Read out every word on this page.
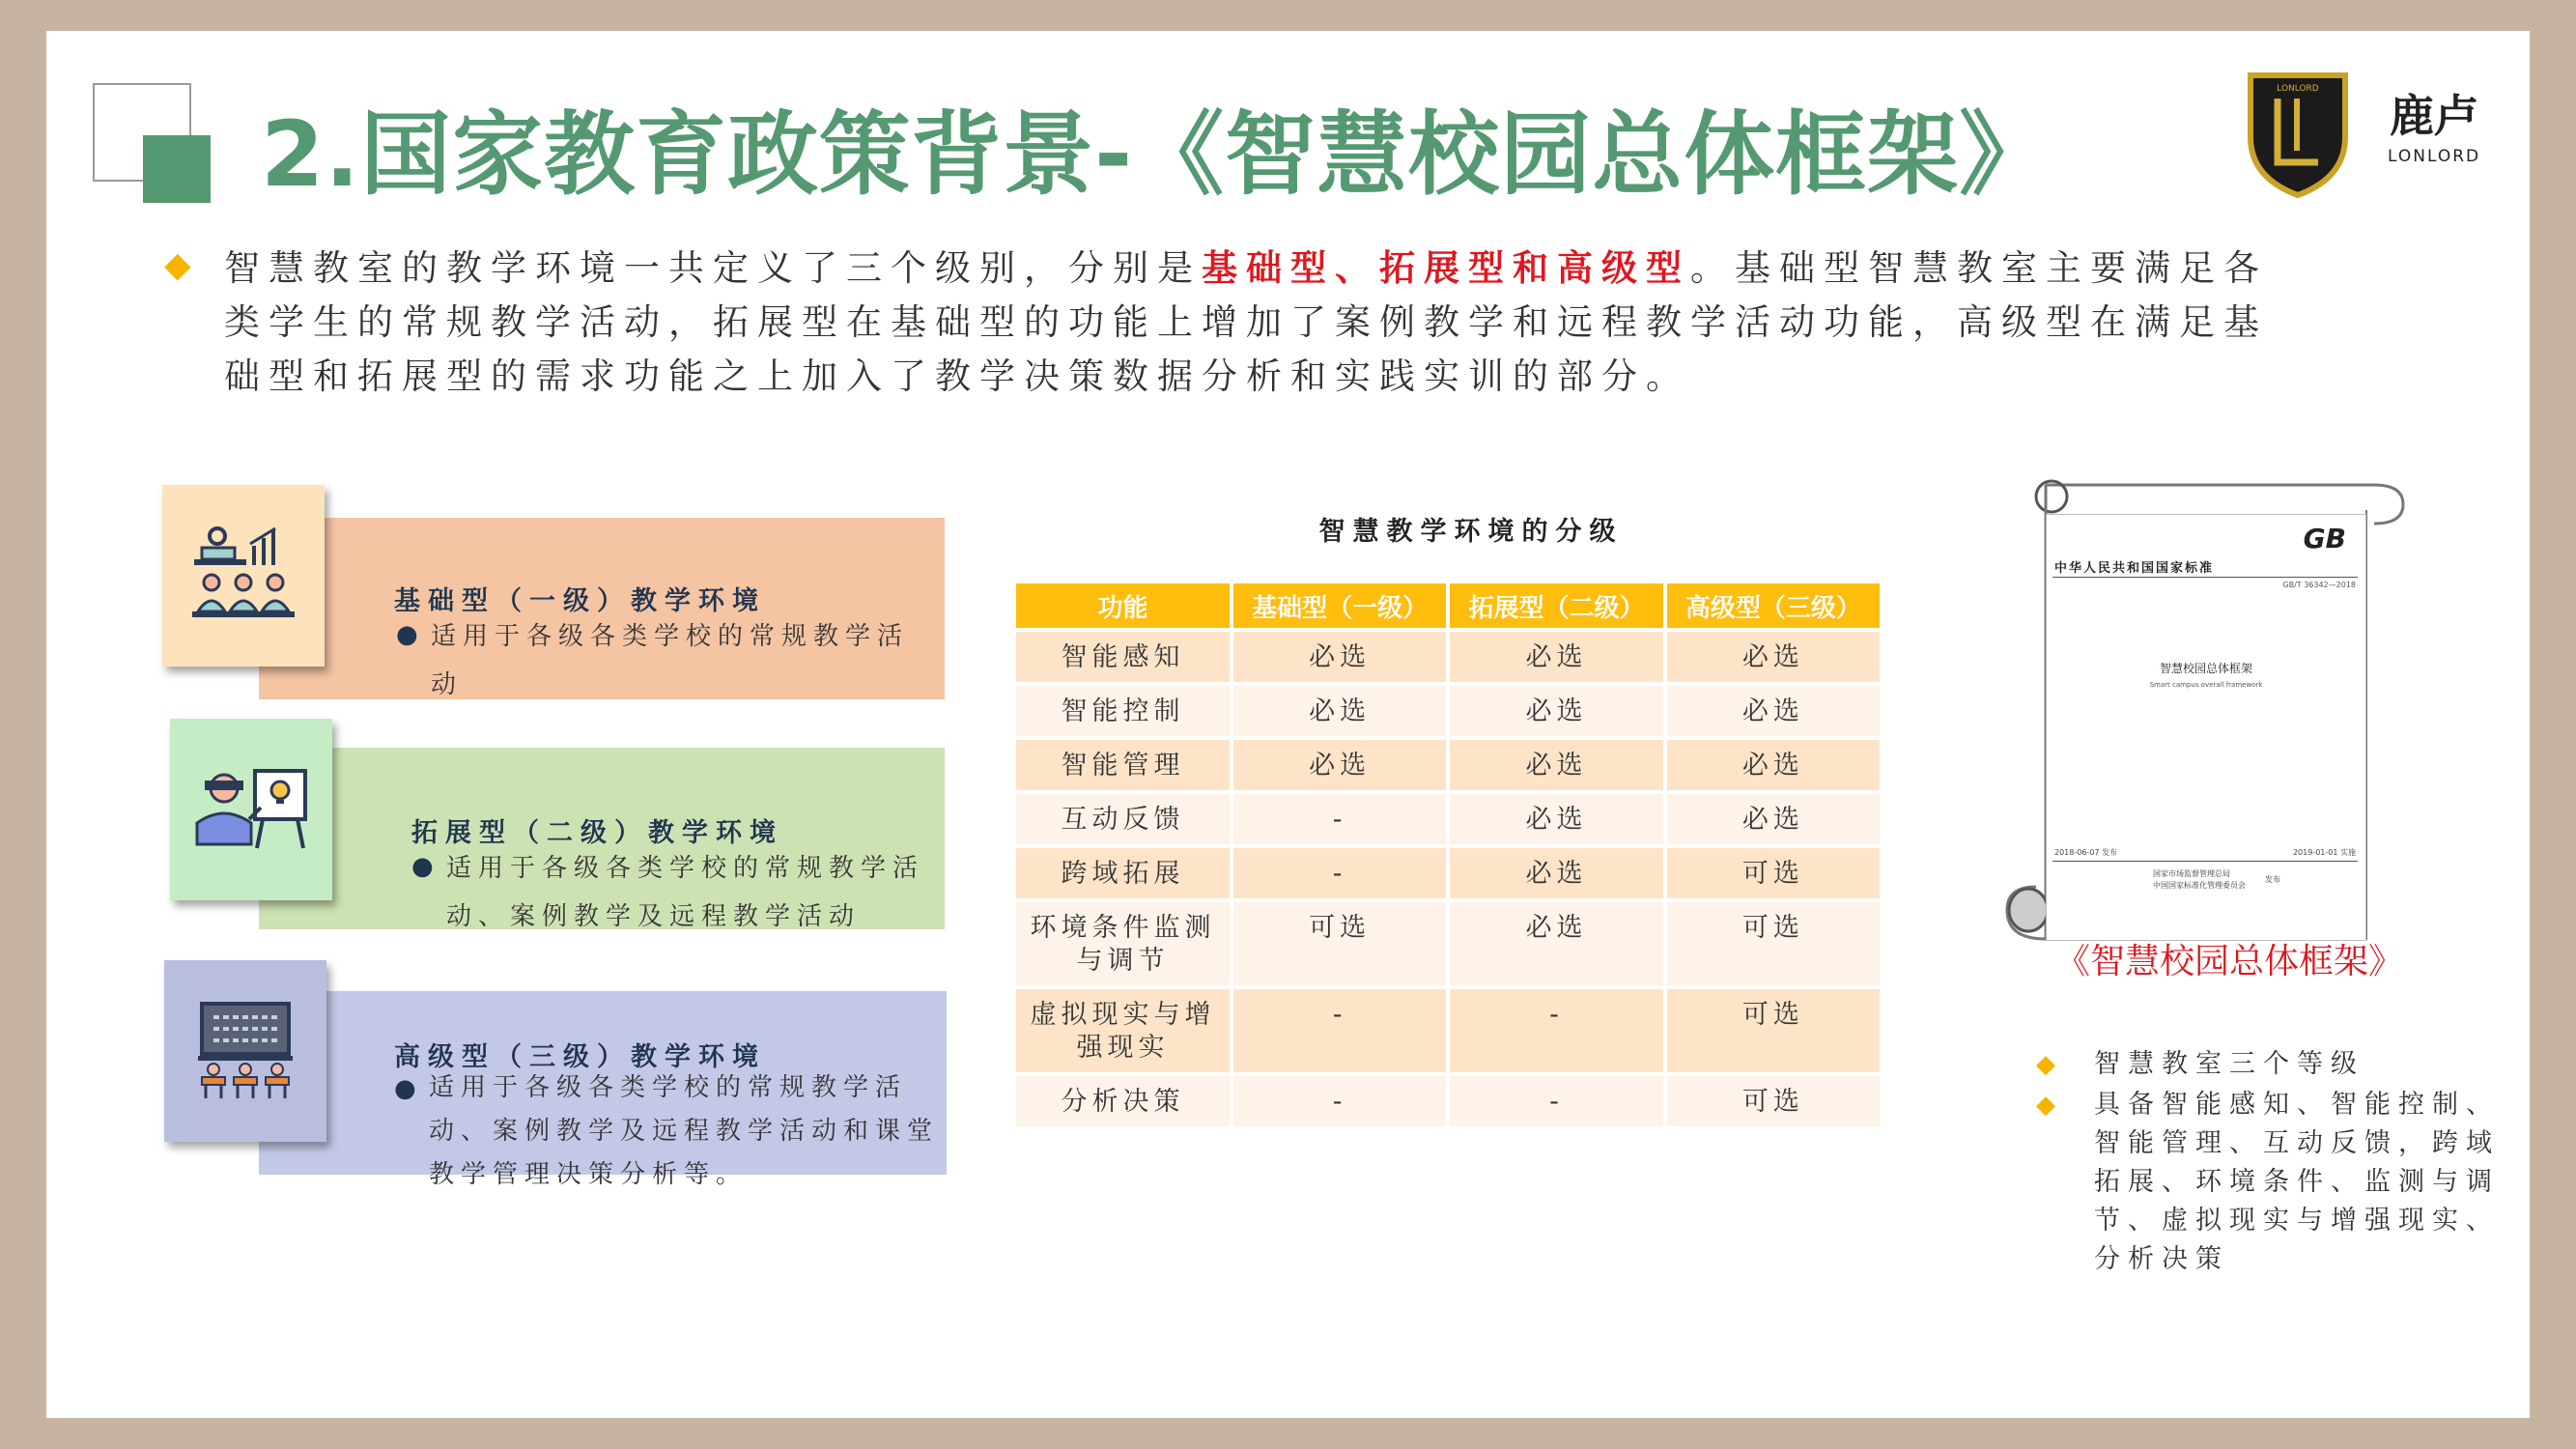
2.国家教育政策背景-《智慧校园总体框架》
LONLORD
鹿卢
LONLORD
◆ 智慧教室的教学环境一共定义了三个级别，分别是基础型、拓展型和高级型。基础型智慧教室主要满足各类学生的常规教学活动，拓展型在基础型的功能上增加了案例教学和远程教学活动功能，高级型在满足基础型和拓展型的需求功能之上加入了教学决策数据分析和实践实训的部分。

基础型（一级）教学环境
● 适用于各级各类学校的常规教学活动
拓展型（二级）教学环境
● 适用于各级各类学校的常规教学活动、案例教学及远程教学活动
高级型（三级）教学环境
● 适用于各级各类学校的常规教学活动、案例教学及远程教学活动和课堂教学管理决策分析等。
智慧教学环境的分级
功能	基础型（一级）	拓展型（二级）	高级型（三级）
智能感知	必选	必选	必选
智能控制	必选	必选	必选
智能管理	必选	必选	必选
互动反馈	-	必选	必选
跨域拓展	-	必选	可选
环境条件监测与调节	可选	必选	可选
虚拟现实与增强现实	-	-	可选
分析决策	-	-	可选
GB
中华人民共和国国家标准
GB/T 36342—2018
智慧校园总体框架
Smart campus overall framework
2018-06-07 发布	2019-01-01 实施
国家市场监督管理总局
中国国家标准化管理委员会
发布
《智慧校园总体框架》
◆ 智慧教室三个等级
◆ 具备智能感知、智能控制、智能管理、互动反馈，跨域拓展、环境条件、监测与调节、虚拟现实与增强现实、分析决策
